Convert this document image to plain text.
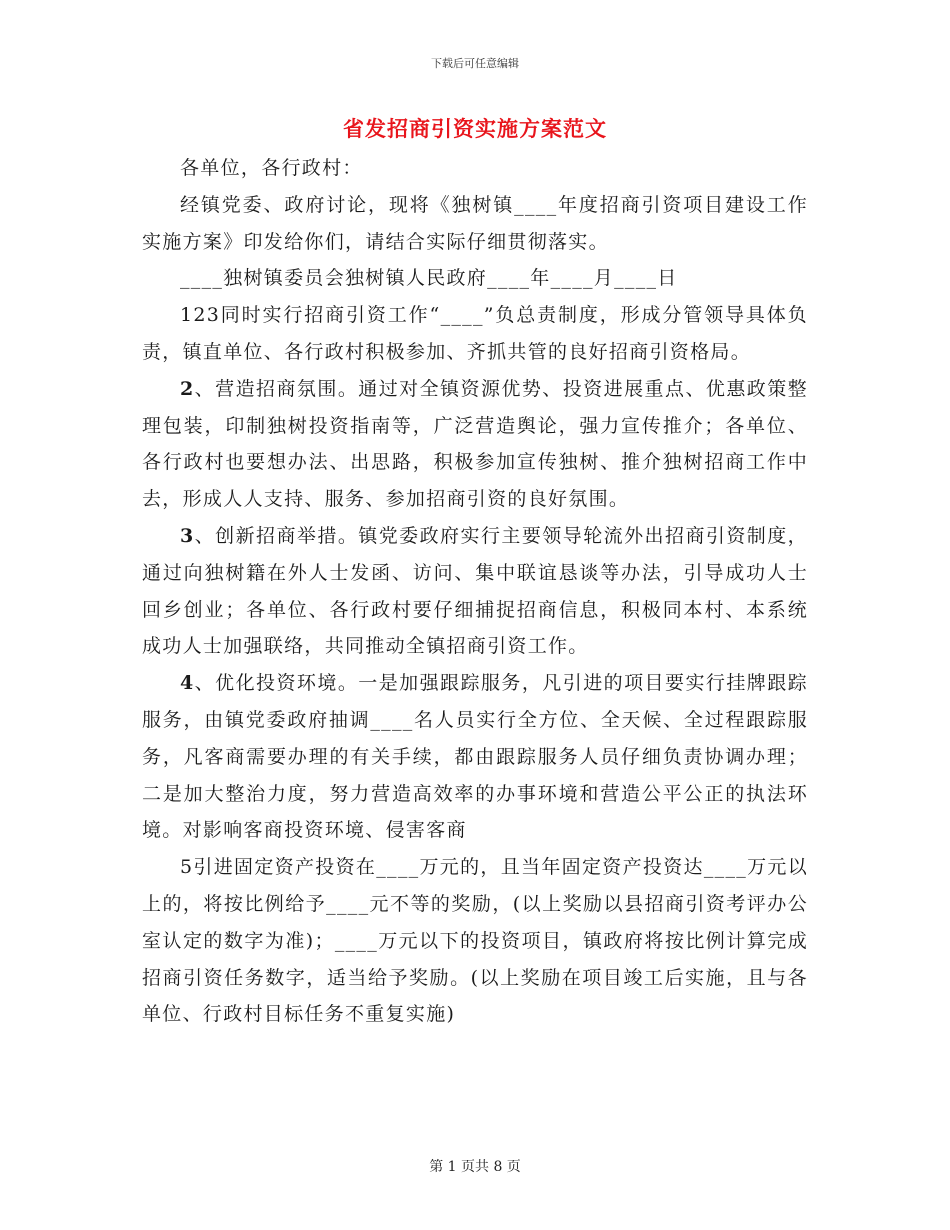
下载后可任意编辑
省发招商引资实施方案范文

各单位，各行政村：

经镇党委、政府讨论，现将《独树镇____年度招商引资项目建设工作实施方案》印发给你们，请结合实际仔细贯彻落实。

____独树镇委员会独树镇人民政府____年____月____日

123同时实行招商引资工作“____”负总责制度，形成分管领导具体负责，镇直单位、各行政村积极参加、齐抓共管的良好招商引资格局。

2、营造招商氛围。通过对全镇资源优势、投资进展重点、优惠政策整理包装，印制独树投资指南等，广泛营造舆论，强力宣传推介；各单位、各行政村也要想办法、出思路，积极参加宣传独树、推介独树招商工作中去，形成人人支持、服务、参加招商引资的良好氛围。

3、创新招商举措。镇党委政府实行主要领导轮流外出招商引资制度，通过向独树籍在外人士发函、访问、集中联谊恳谈等办法，引导成功人士回乡创业；各单位、各行政村要仔细捕捉招商信息，积极同本村、本系统成功人士加强联络，共同推动全镇招商引资工作。

4、优化投资环境。一是加强跟踪服务，凡引进的项目要实行挂牌跟踪服务，由镇党委政府抽调____名人员实行全方位、全天候、全过程跟踪服务，凡客商需要办理的有关手续，都由跟踪服务人员仔细负责协调办理；二是加大整治力度，努力营造高效率的办事环境和营造公平公正的执法环境。对影响客商投资环境、侵害客商

5引进固定资产投资在____万元的，且当年固定资产投资达____万元以上的，将按比例给予____元不等的奖励，(以上奖励以县招商引资考评办公室认定的数字为准)；____万元以下的投资项目，镇政府将按比例计算完成招商引资任务数字，适当给予奖励。(以上奖励在项目竣工后实施，且与各单位、行政村目标任务不重复实施)

第 1 页共 8 页
